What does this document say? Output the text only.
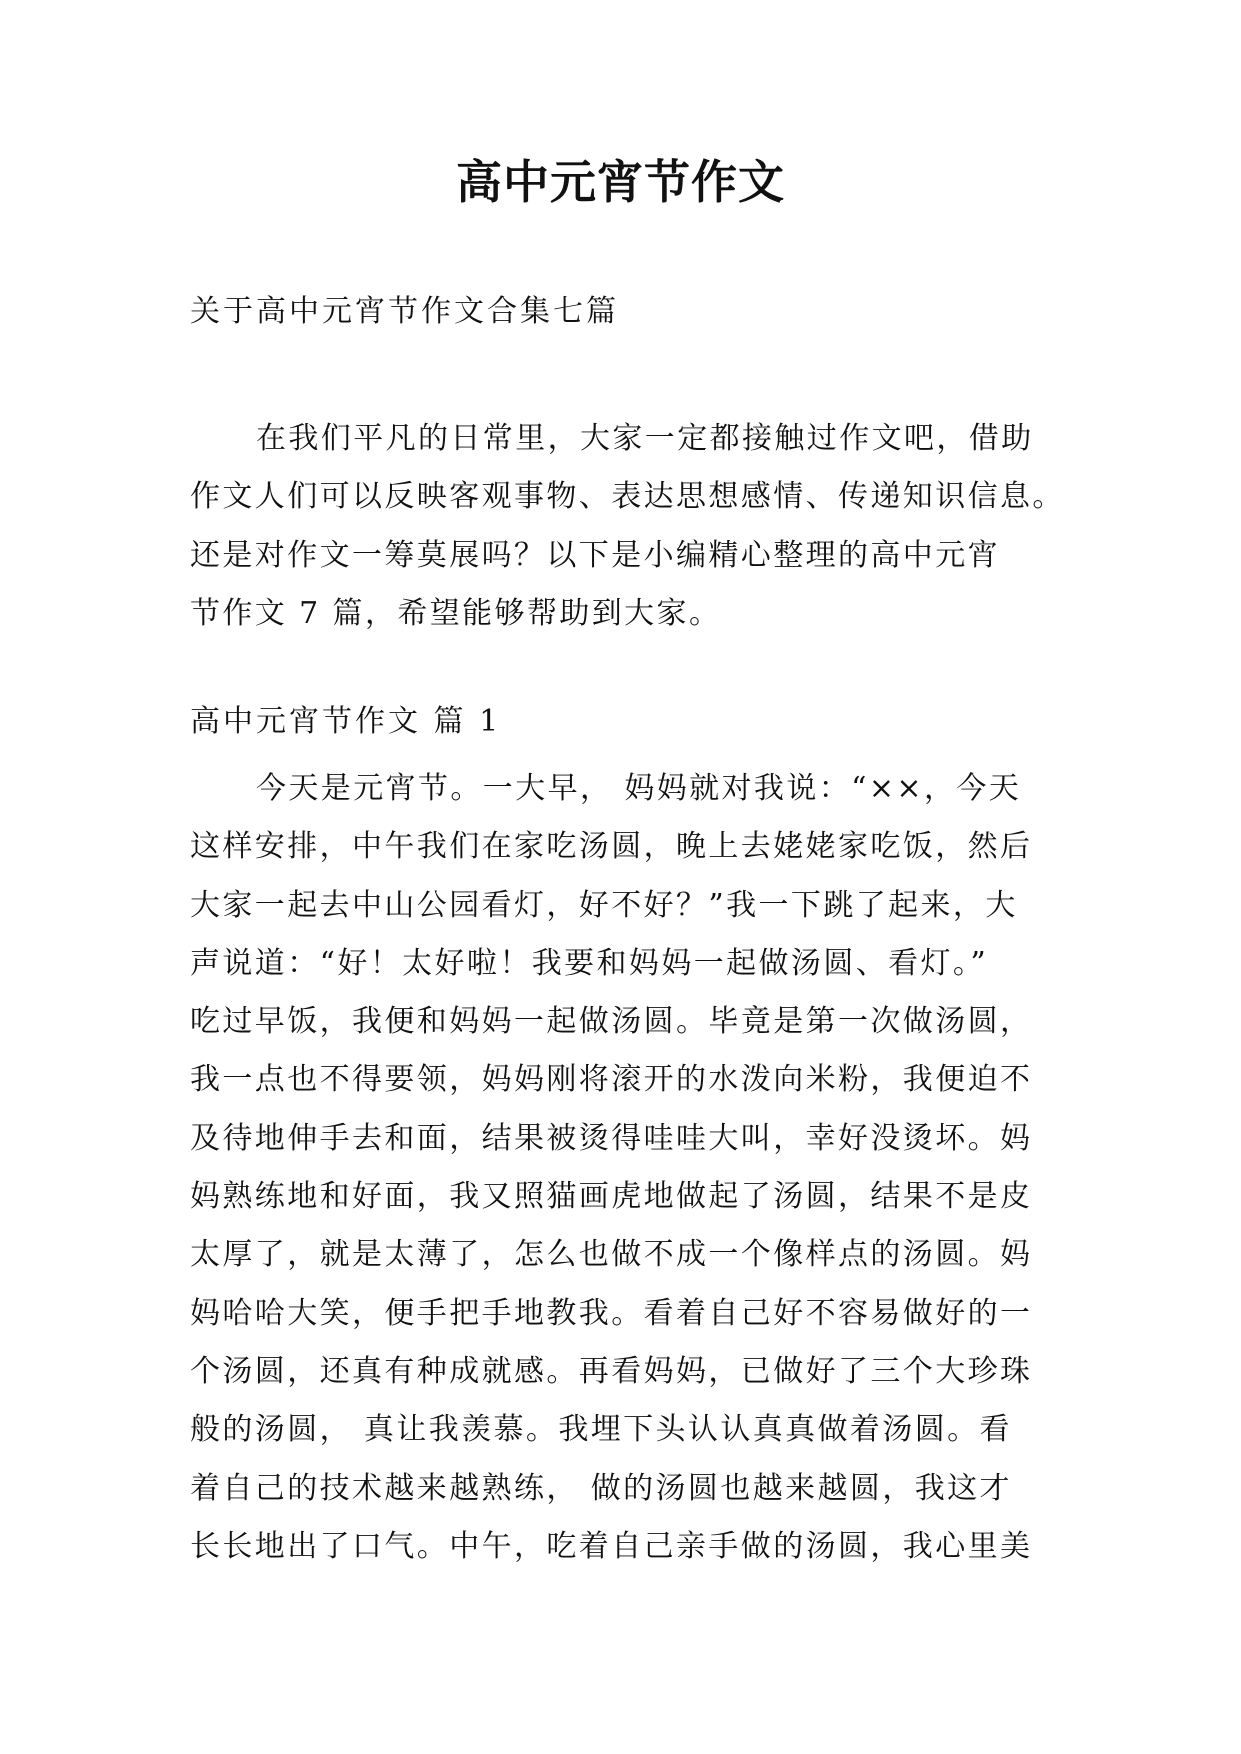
高中元宵节作文
关于高中元宵节作文合集七篇
在我们平凡的日常里，大家一定都接触过作文吧，借助
作文人们可以反映客观事物、表达思想感情、传递知识信息。
还是对作文一筹莫展吗？以下是小编精心整理的高中元宵
节作文 7 篇，希望能够帮助到大家。
高中元宵节作文 篇 1
今天是元宵节。一大早， 妈妈就对我说：“××，今天
这样安排，中午我们在家吃汤圆，晚上去姥姥家吃饭，然后
大家一起去中山公园看灯，好不好？”我一下跳了起来，大
声说道：“好！太好啦！我要和妈妈一起做汤圆、看灯。”
吃过早饭，我便和妈妈一起做汤圆。毕竟是第一次做汤圆，
我一点也不得要领，妈妈刚将滚开的水泼向米粉，我便迫不
及待地伸手去和面，结果被烫得哇哇大叫，幸好没烫坏。妈
妈熟练地和好面，我又照猫画虎地做起了汤圆，结果不是皮
太厚了，就是太薄了，怎么也做不成一个像样点的汤圆。妈
妈哈哈大笑，便手把手地教我。看着自己好不容易做好的一
个汤圆，还真有种成就感。再看妈妈，已做好了三个大珍珠
般的汤圆， 真让我羡慕。我埋下头认认真真做着汤圆。看
着自己的技术越来越熟练， 做的汤圆也越来越圆，我这才
长长地出了口气。中午，吃着自己亲手做的汤圆，我心里美
